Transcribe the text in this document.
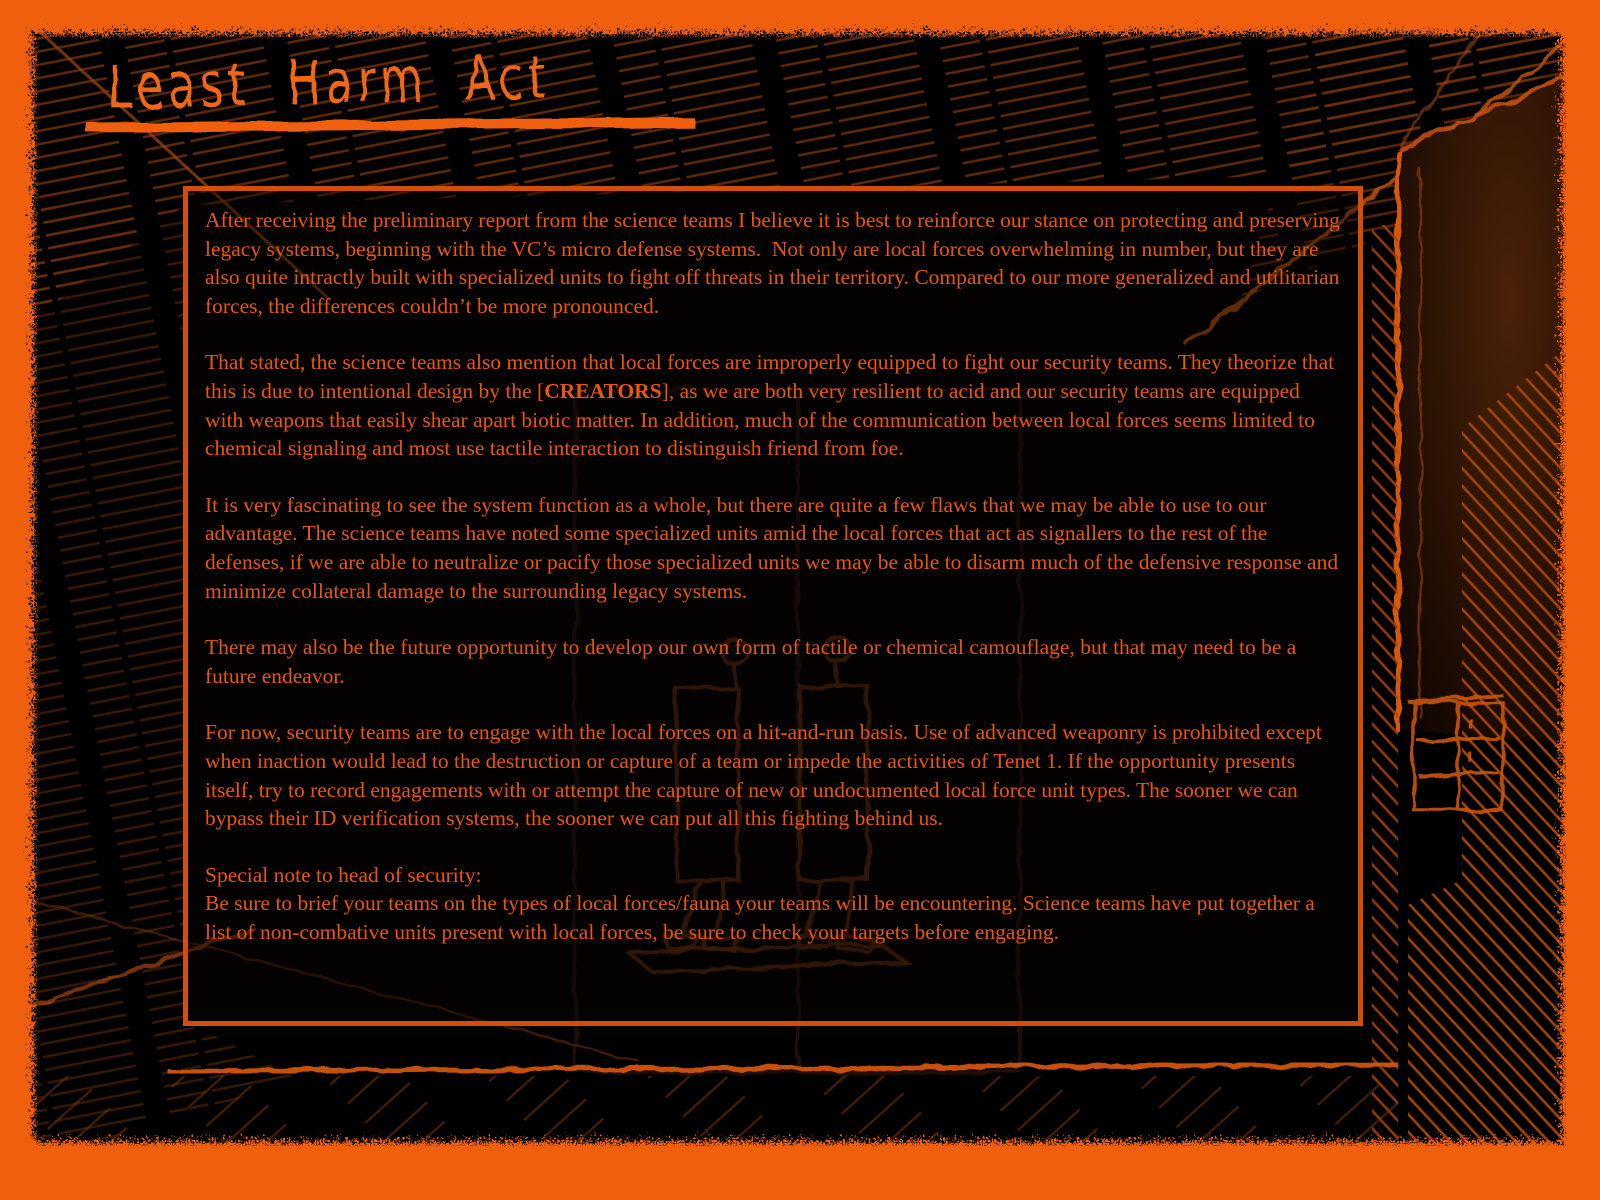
Least Harm Act

After receiving the preliminary report from the science teams I believe it is best to reinforce our stance on protecting and preserving legacy systems, beginning with the VC’s micro defense systems.  Not only are local forces overwhelming in number, but they are also quite intractly built with specialized units to fight off threats in their territory. Compared to our more generalized and utilitarian forces, the differences couldn’t be more pronounced.

That stated, the science teams also mention that local forces are improperly equipped to fight our security teams. They theorize that this is due to intentional design by the [CREATORS], as we are both very resilient to acid and our security teams are equipped with weapons that easily shear apart biotic matter. In addition, much of the communication between local forces seems limited to chemical signaling and most use tactile interaction to distinguish friend from foe.

It is very fascinating to see the system function as a whole, but there are quite a few flaws that we may be able to use to our advantage. The science teams have noted some specialized units amid the local forces that act as signallers to the rest of the defenses, if we are able to neutralize or pacify those specialized units we may be able to disarm much of the defensive response and minimize collateral damage to the surrounding legacy systems.

There may also be the future opportunity to develop our own form of tactile or chemical camouflage, but that may need to be a future endeavor.

For now, security teams are to engage with the local forces on a hit-and-run basis. Use of advanced weaponry is prohibited except when inaction would lead to the destruction or capture of a team or impede the activities of Tenet 1. If the opportunity presents itself, try to record engagements with or attempt the capture of new or undocumented local force unit types. The sooner we can bypass their ID verification systems, the sooner we can put all this fighting behind us.

Special note to head of security:
Be sure to brief your teams on the types of local forces/fauna your teams will be encountering. Science teams have put together a list of non-combative units present with local forces, be sure to check your targets before engaging.
